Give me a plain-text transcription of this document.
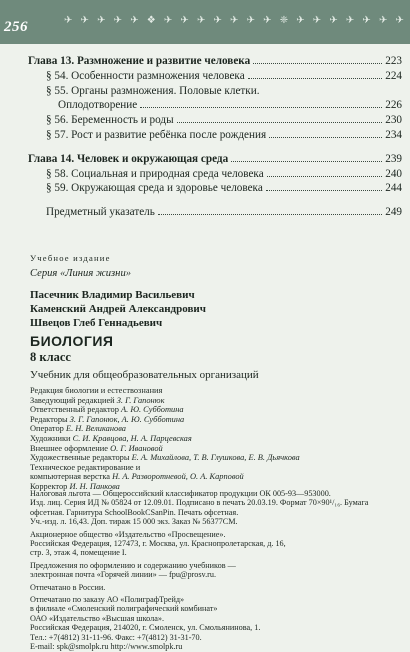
256	✈ ✈ ✈ ✈ ✈ ❖ ✈ ✈ ✈ ✈ ✈ ✈ ✈ ❈ ✈ ✈ ✈ ✈ ✈ ✈ ✈
Глава 13. Размножение и развитие человека	223
§ 54. Особенности размножения человека	224
§ 55. Органы размножения. Половые клетки.
Оплодотворение	226
§ 56. Беременность и роды	230
§ 57. Рост и развитие ребёнка после рождения	234
Глава 14. Человек и окружающая среда	239
§ 58. Социальная и природная среда человека	240
§ 59. Окружающая среда и здоровье человека	244
Предметный указатель	249
Учебное издание
Серия «Линия жизни»
Пасечник Владимир Васильевич
Каменский Андрей Александрович
Швецов Глеб Геннадьевич
БИОЛОГИЯ
8 класс
Учебник для общеобразовательных организаций
Редакция биологии и естествознания
Заведующий редакцией З. Г. Гапонюк
Ответственный редактор А. Ю. Субботина
Редакторы З. Г. Гапонюк, А. Ю. Субботина
Оператор Е. Н. Великанова
Художники С. И. Кравцова, Н. А. Парцевская
Внешнее оформление О. Г. Ивановой
Художественные редакторы Е. А. Михайлова, Т. В. Глушкова, Е. В. Дьячкова
Техническое редактирование и
компьютерная верстка Н. А. Разворотневой, О. А. Карповой
Корректор И. Н. Панкова
Налоговая льгота — Общероссийский классификатор продукции ОК 005-93—953000.
Изд. лиц. Серия ИД № 05824 от 12.09.01. Подписано в печать 20.03.19. Формат 70×90¹/₁₆. Бумага офсетная. Гарнитура SchoolBookCSanPin. Печать офсетная.
Уч.-изд. л. 16,43. Доп. тираж 15 000 экз. Заказ № 56377СМ.
Акционерное общество «Издательство «Просвещение».
Российская Федерация, 127473, г. Москва, ул. Краснопролетарская, д. 16,
стр. 3, этаж 4, помещение I.
Предложения по оформлению и содержанию учебников —
электронная почта «Горячей линии» — fpu@prosv.ru.
Отпечатано в России.
Отпечатано по заказу АО «ПолиграфТрейд»
в филиале «Смоленский полиграфический комбинат»
ОАО «Издательство «Высшая школа».
Российская Федерация, 214020, г. Смоленск, ул. Смольянинова, 1.
Тел.: +7(4812) 31-11-96. Факс: +7(4812) 31-31-70.
E-mail: spk@smolpk.ru http://www.smolpk.ru
